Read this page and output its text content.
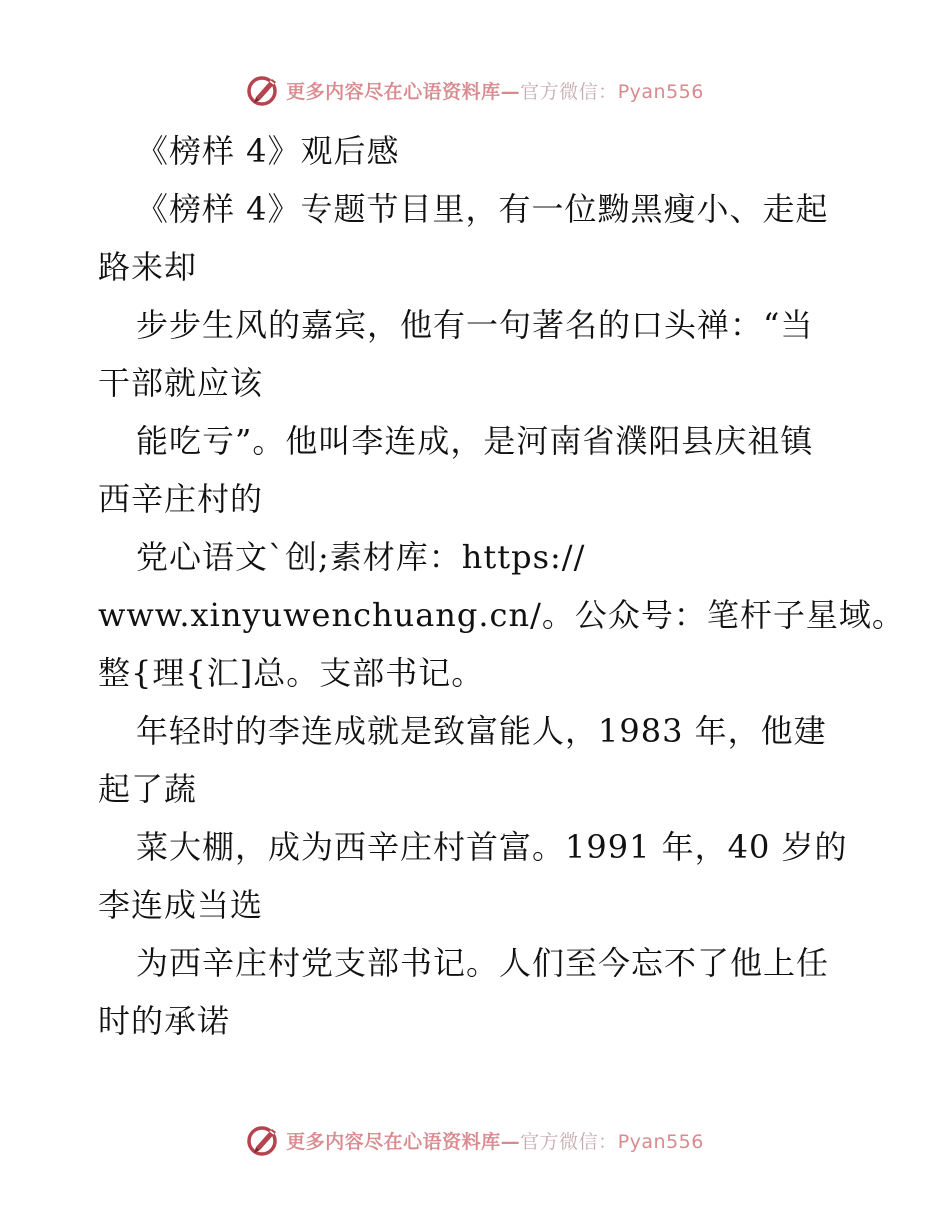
更多内容尽在心语资料库—官方微信：Pyan556
《榜样 4》观后感
《榜样 4》专题节目里，有一位黝黑瘦小、走起
路来却
步步生风的嘉宾，他有一句著名的口头禅：“当
干部就应该
能吃亏”。他叫李连成，是河南省濮阳县庆祖镇
西辛庄村的
党心语文`创;素材库：https://
www.xinyuwenchuang.cn/。公众号：笔杆子星域。
整{理{汇]总。支部书记。
年轻时的李连成就是致富能人，1983 年，他建
起了蔬
菜大棚，成为西辛庄村首富。1991 年，40 岁的
李连成当选
为西辛庄村党支部书记。人们至今忘不了他上任
时的承诺
更多内容尽在心语资料库—官方微信：Pyan556
